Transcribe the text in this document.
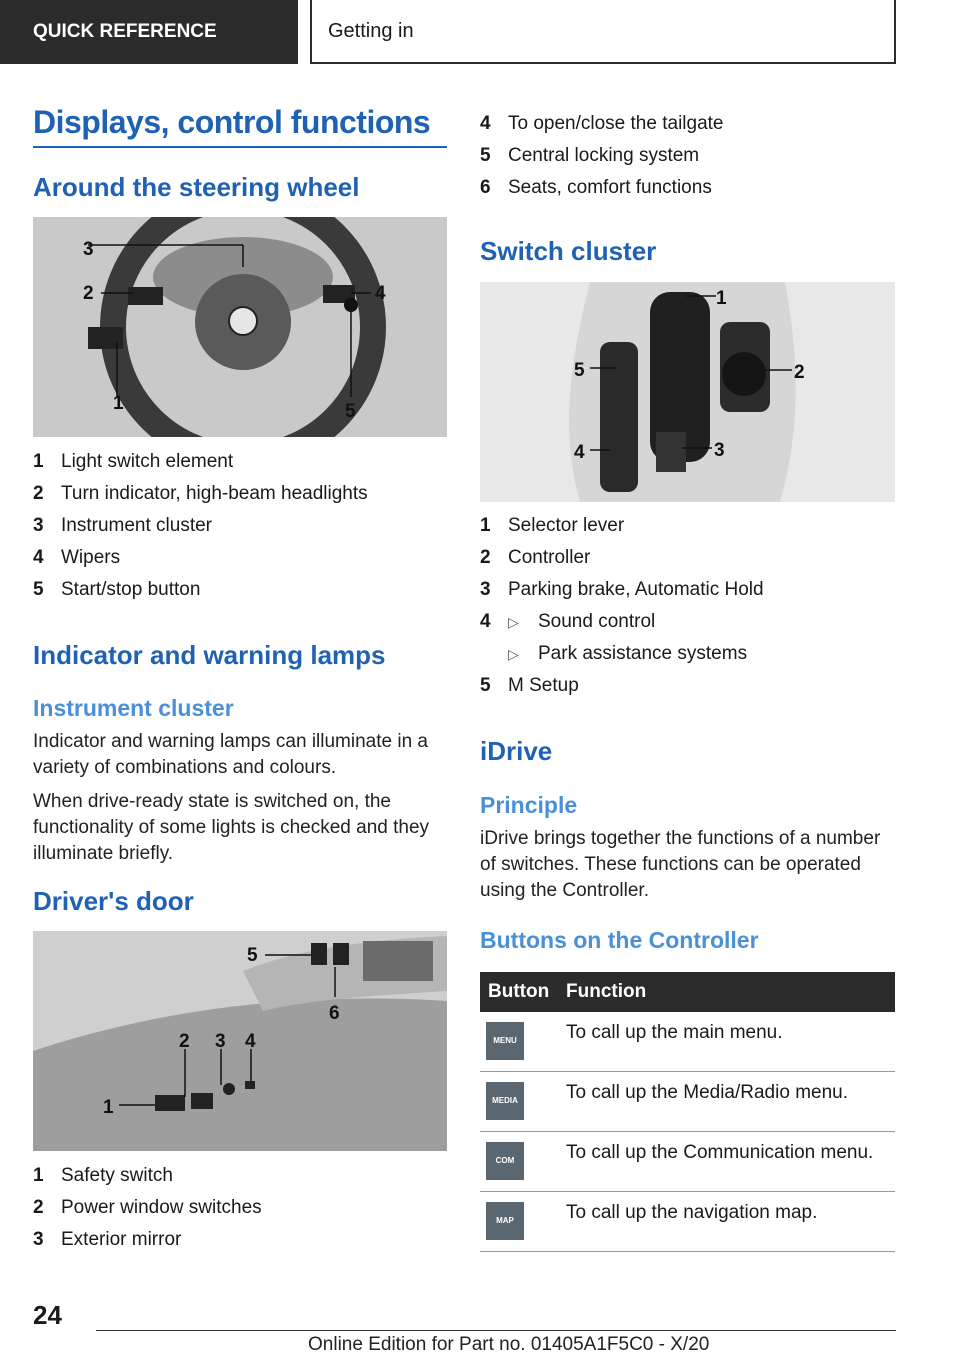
QUICK REFERENCE	Getting in
Displays, control functions
Around the steering wheel
1
2
3
4
5
1 Light switch element
2 Turn indicator, high-beam headlights
3 Instrument cluster
4 Wipers
5 Start/stop button
Indicator and warning lamps
Instrument cluster

Indicator and warning lamps can illuminate in a variety of combinations and colours.

When drive-ready state is switched on, the functionality of some lights is checked and they illuminate briefly.

Driver's door
1
2 3 4
5
6
1 Safety switch
2 Power window switches
3 Exterior mirror
4 To open/close the tailgate
5 Central locking system
6 Seats, comfort functions
Switch cluster
1
2
3
4
5
1 Selector lever
2 Controller
3 Parking brake, Automatic Hold
4	▷	Sound control
▷	Park assistance systems
5 M Setup
iDrive
Principle

iDrive brings together the functions of a number of switches. These functions can be operated using the Controller.

Buttons on the Controller
Button	Function
MENU	To call up the main menu.
MEDIA	To call up the Media/Radio menu.
COM	To call up the Communication menu.
MAP	To call up the navigation map.
24
Online Edition for Part no. 01405A1F5C0 - X/20
